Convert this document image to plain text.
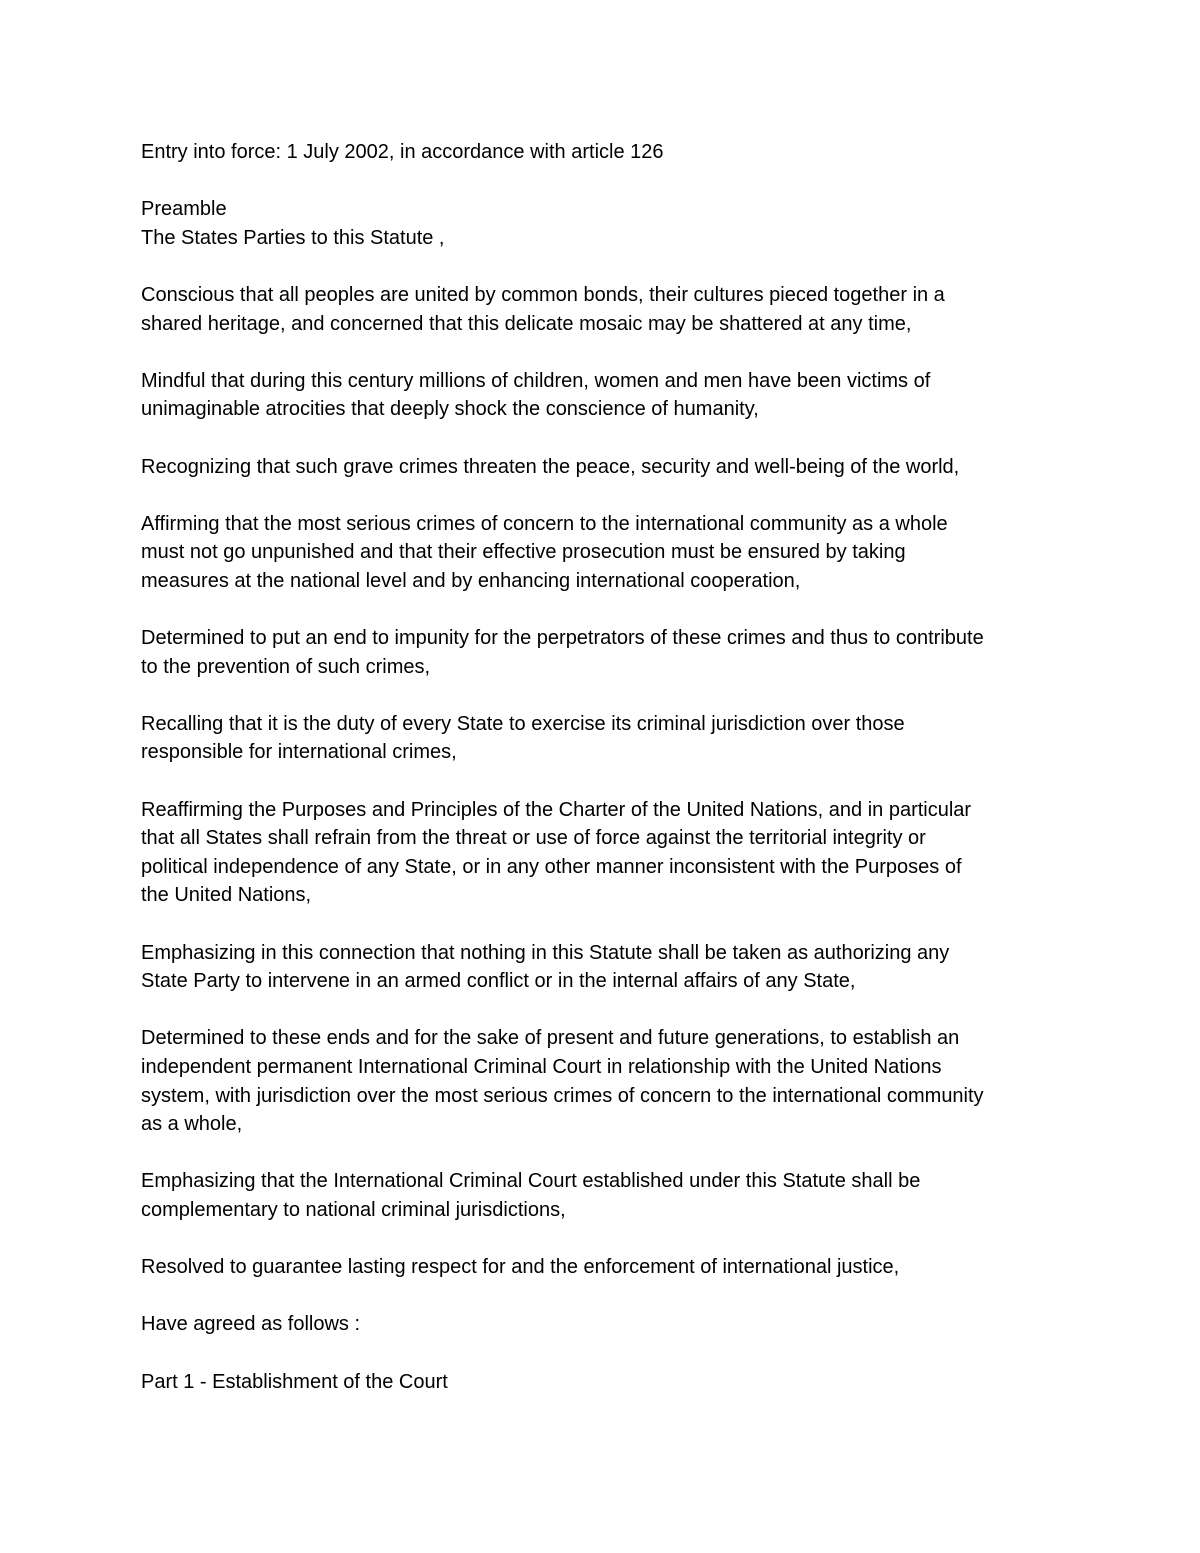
Entry into force: 1 July 2002, in accordance with article 126

Preamble

The States Parties to this Statute ,

Conscious that all peoples are united by common bonds, their cultures pieced together in a
shared heritage, and concerned that this delicate mosaic may be shattered at any time,

Mindful that during this century millions of children, women and men have been victims of
unimaginable atrocities that deeply shock the conscience of humanity,

Recognizing that such grave crimes threaten the peace, security and well-being of the world,

Affirming that the most serious crimes of concern to the international community as a whole
must not go unpunished and that their effective prosecution must be ensured by taking
measures at the national level and by enhancing international cooperation,

Determined to put an end to impunity for the perpetrators of these crimes and thus to contribute
to the prevention of such crimes,

Recalling that it is the duty of every State to exercise its criminal jurisdiction over those
responsible for international crimes,

Reaffirming the Purposes and Principles of the Charter of the United Nations, and in particular
that all States shall refrain from the threat or use of force against the territorial integrity or
political independence of any State, or in any other manner inconsistent with the Purposes of
the United Nations,

Emphasizing in this connection that nothing in this Statute shall be taken as authorizing any
State Party to intervene in an armed conflict or in the internal affairs of any State,

Determined to these ends and for the sake of present and future generations, to establish an
independent permanent International Criminal Court in relationship with the United Nations
system, with jurisdiction over the most serious crimes of concern to the international community
as a whole,

Emphasizing that the International Criminal Court established under this Statute shall be
complementary to national criminal jurisdictions,

Resolved to guarantee lasting respect for and the enforcement of international justice,

Have agreed as follows :

Part 1 - Establishment of the Court
